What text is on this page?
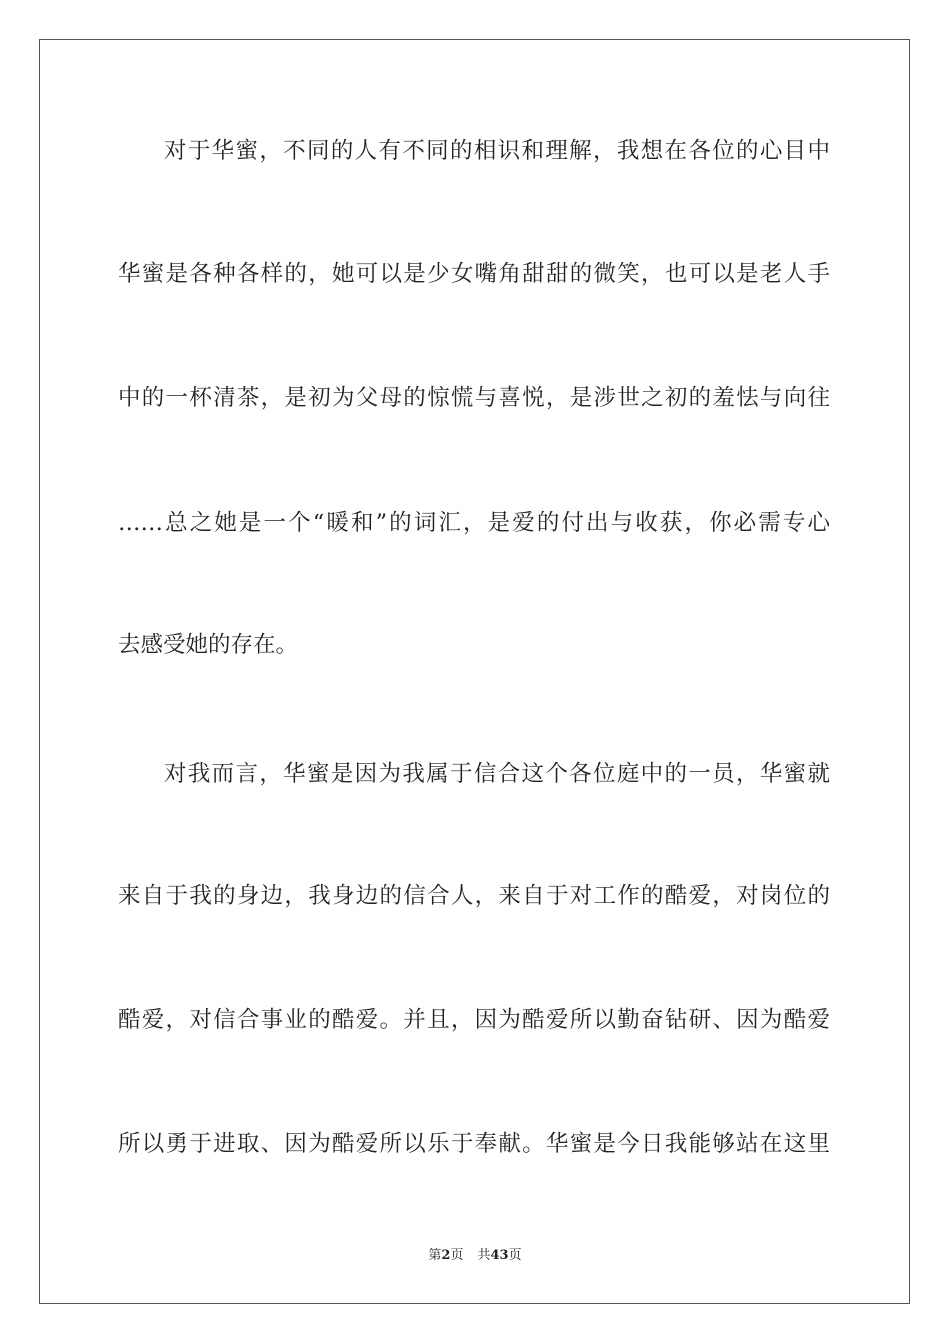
对于华蜜，不同的人有不同的相识和理解，我想在各位的心目中
华蜜是各种各样的，她可以是少女嘴角甜甜的微笑，也可以是老人手
中的一杯清茶，是初为父母的惊慌与喜悦，是涉世之初的羞怯与向往
……总之她是一个“暖和”的词汇，是爱的付出与收获，你必需专心
去感受她的存在。
对我而言，华蜜是因为我属于信合这个各位庭中的一员，华蜜就
来自于我的身边，我身边的信合人，来自于对工作的酷爱，对岗位的
酷爱，对信合事业的酷爱。并且，因为酷爱所以勤奋钻研、因为酷爱
所以勇于进取、因为酷爱所以乐于奉献。华蜜是今日我能够站在这里
第2页 共43页
